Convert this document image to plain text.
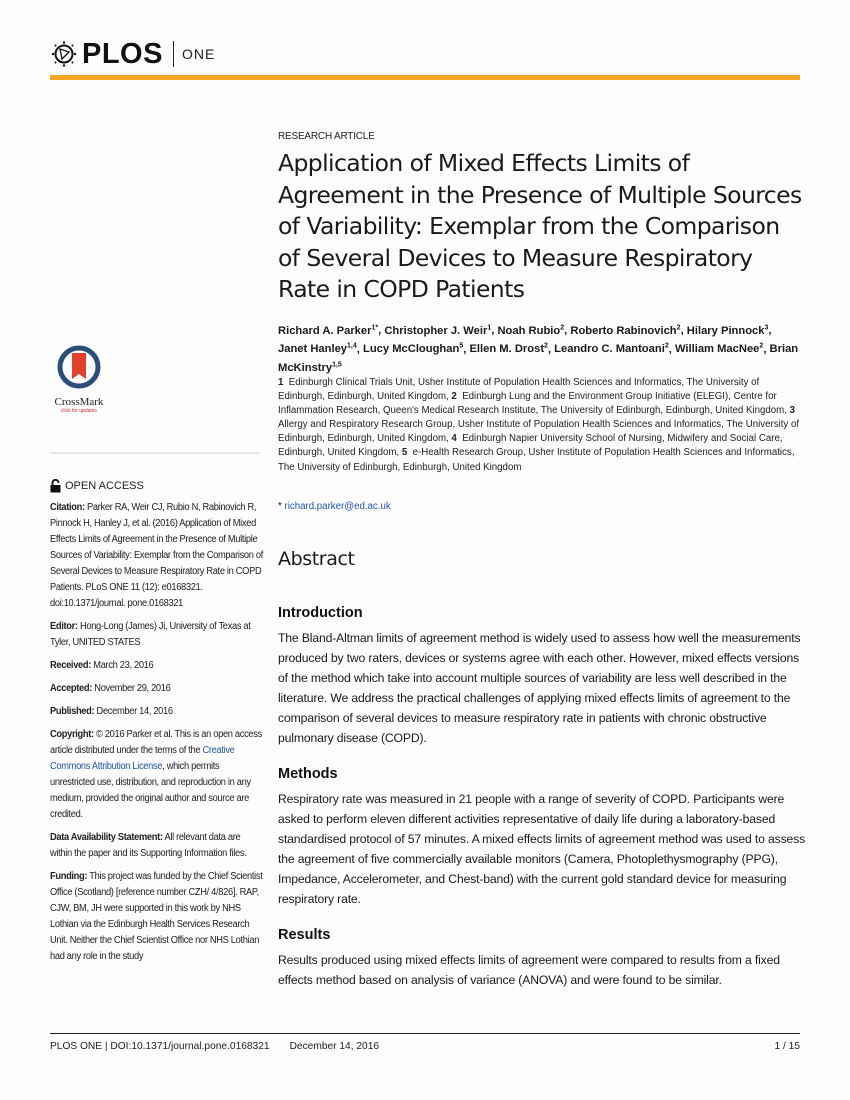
PLOS ONE
CrossMark
click for updates
OPEN ACCESS

Citation: Parker RA, Weir CJ, Rubio N, Rabinovich R, Pinnock H, Hanley J, et al. (2016) Application of Mixed Effects Limits of Agreement in the Presence of Multiple Sources of Variability: Exemplar from the Comparison of Several Devices to Measure Respiratory Rate in COPD Patients. PLoS ONE 11 (12): e0168321. doi:10.1371/journal. pone.0168321

Editor: Hong-Long (James) Ji, University of Texas at Tyler, UNITED STATES

Received: March 23, 2016

Accepted: November 29, 2016

Published: December 14, 2016

Copyright: © 2016 Parker et al. This is an open access article distributed under the terms of the Creative Commons Attribution License, which permits unrestricted use, distribution, and reproduction in any medium, provided the original author and source are credited.

Data Availability Statement: All relevant data are within the paper and its Supporting Information files.

Funding: This project was funded by the Chief Scientist Office (Scotland) [reference number CZH/ 4/826]. RAP, CJW, BM, JH were supported in this work by NHS Lothian via the Edinburgh Health Services Research Unit. Neither the Chief Scientist Office nor NHS Lothian had any role in the study

RESEARCH ARTICLE
Application of Mixed Effects Limits of Agreement in the Presence of Multiple Sources of Variability: Exemplar from the Comparison of Several Devices to Measure Respiratory Rate in COPD Patients
Richard A. Parker$^{1*}$, Christopher J. Weir$^1$, Noah Rubio$^2$, Roberto Rabinovich$^2$, Hilary Pinnock$^3$, Janet Hanley$^{1,4}$, Lucy McCloughan$^5$, Ellen M. Drost$^2$, Leandro C. Mantoani$^2$, William MacNee$^2$, Brian McKinstry$^{1,5}$
1 Edinburgh Clinical Trials Unit, Usher Institute of Population Health Sciences and Informatics, The University of Edinburgh, Edinburgh, United Kingdom, 2 Edinburgh Lung and the Environment Group Initiative (ELEGI), Centre for Inflammation Research, Queen's Medical Research Institute, The University of Edinburgh, Edinburgh, United Kingdom, 3  Allergy and Respiratory Research Group, Usher Institute of Population Health Sciences and Informatics, The University of Edinburgh, Edinburgh, United Kingdom, 4 Edinburgh Napier University School of Nursing, Midwifery and Social Care, Edinburgh, United Kingdom, 5 e-Health Research Group, Usher Institute of Population Health Sciences and Informatics, The University of Edinburgh, Edinburgh, United Kingdom
* richard.parker@ed.ac.uk
Abstract
Introduction

The Bland-Altman limits of agreement method is widely used to assess how well the measurements produced by two raters, devices or systems agree with each other. However, mixed effects versions of the method which take into account multiple sources of variability are less well described in the literature. We address the practical challenges of applying mixed effects limits of agreement to the comparison of several devices to measure respiratory rate in patients with chronic obstructive pulmonary disease (COPD).

Methods

Respiratory rate was measured in 21 people with a range of severity of COPD. Participants were asked to perform eleven different activities representative of daily life during a laboratory-based standardised protocol of 57 minutes. A mixed effects limits of agreement method was used to assess the agreement of five commercially available monitors (Camera, Photoplethysmography (PPG), Impedance, Accelerometer, and Chest-band) with the current gold standard device for measuring respiratory rate.

Results

Results produced using mixed effects limits of agreement were compared to results from a fixed effects method based on analysis of variance (ANOVA) and were found to be similar.

PLOS ONE | DOI:10.1371/journal.pone.0168321 December 14, 2016	1 / 15
